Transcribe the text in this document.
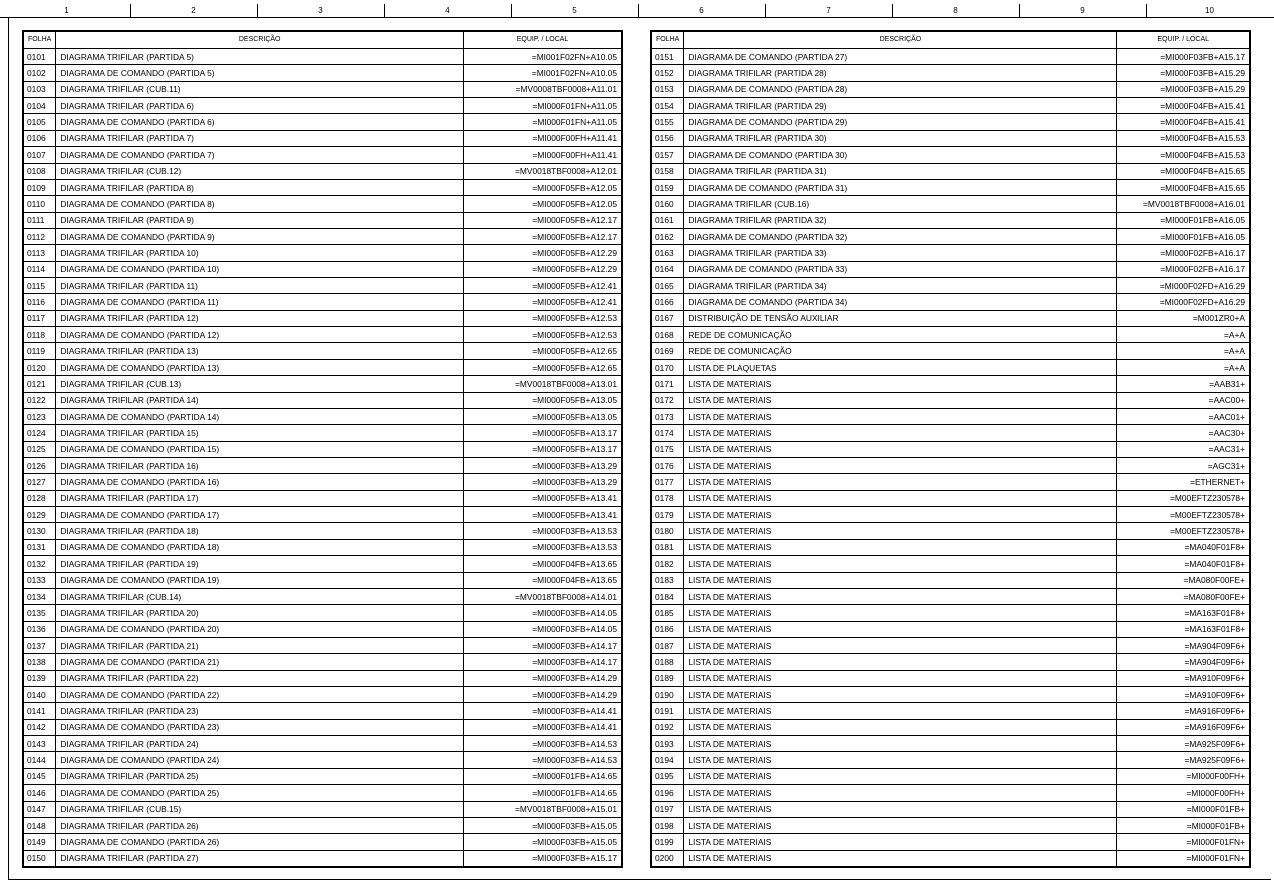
1	2	3	4	5	6	7	8	9	10
FOLHA	DESCRIÇÃO	EQUIP. / LOCAL
0101	DIAGRAMA TRIFILAR (PARTIDA 5)	=MI001F02FN+A10.05
0102	DIAGRAMA DE COMANDO (PARTIDA 5)	=MI001F02FN+A10.05
0103	DIAGRAMA TRIFILAR (CUB.11)	=MV0008TBF0008+A11.01
0104	DIAGRAMA TRIFILAR (PARTIDA 6)	=MI000F01FN+A11.05
0105	DIAGRAMA DE COMANDO (PARTIDA 6)	=MI000F01FN+A11.05
0106	DIAGRAMA TRIFILAR (PARTIDA 7)	=MI000F00FH+A11.41
0107	DIAGRAMA DE COMANDO (PARTIDA 7)	=MI000F00FH+A11.41
0108	DIAGRAMA TRIFILAR (CUB.12)	=MV0018TBF0008+A12.01
0109	DIAGRAMA TRIFILAR (PARTIDA 8)	=MI000F05FB+A12.05
0110	DIAGRAMA DE COMANDO (PARTIDA 8)	=MI000F05FB+A12.05
0111	DIAGRAMA TRIFILAR (PARTIDA 9)	=MI000F05FB+A12.17
0112	DIAGRAMA DE COMANDO (PARTIDA 9)	=MI000F05FB+A12.17
0113	DIAGRAMA TRIFILAR (PARTIDA 10)	=MI000F05FB+A12.29
0114	DIAGRAMA DE COMANDO (PARTIDA 10)	=MI000F05FB+A12.29
0115	DIAGRAMA TRIFILAR (PARTIDA 11)	=MI000F05FB+A12.41
0116	DIAGRAMA DE COMANDO (PARTIDA 11)	=MI000F05FB+A12.41
0117	DIAGRAMA TRIFILAR (PARTIDA 12)	=MI000F05FB+A12.53
0118	DIAGRAMA DE COMANDO (PARTIDA 12)	=MI000F05FB+A12.53
0119	DIAGRAMA TRIFILAR (PARTIDA 13)	=MI000F05FB+A12.65
0120	DIAGRAMA DE COMANDO (PARTIDA 13)	=MI000F05FB+A12.65
0121	DIAGRAMA TRIFILAR (CUB.13)	=MV0018TBF0008+A13.01
0122	DIAGRAMA TRIFILAR (PARTIDA 14)	=MI000F05FB+A13.05
0123	DIAGRAMA DE COMANDO (PARTIDA 14)	=MI000F05FB+A13.05
0124	DIAGRAMA TRIFILAR (PARTIDA 15)	=MI000F05FB+A13.17
0125	DIAGRAMA DE COMANDO (PARTIDA 15)	=MI000F05FB+A13.17
0126	DIAGRAMA TRIFILAR (PARTIDA 16)	=MI000F03FB+A13.29
0127	DIAGRAMA DE COMANDO (PARTIDA 16)	=MI000F03FB+A13.29
0128	DIAGRAMA TRIFILAR (PARTIDA 17)	=MI000F05FB+A13.41
0129	DIAGRAMA DE COMANDO (PARTIDA 17)	=MI000F05FB+A13.41
0130	DIAGRAMA TRIFILAR (PARTIDA 18)	=MI000F03FB+A13.53
0131	DIAGRAMA DE COMANDO (PARTIDA 18)	=MI000F03FB+A13.53
0132	DIAGRAMA TRIFILAR (PARTIDA 19)	=MI000F04FB+A13.65
0133	DIAGRAMA DE COMANDO (PARTIDA 19)	=MI000F04FB+A13.65
0134	DIAGRAMA TRIFILAR (CUB.14)	=MV0018TBF0008+A14.01
0135	DIAGRAMA TRIFILAR (PARTIDA 20)	=MI000F03FB+A14.05
0136	DIAGRAMA DE COMANDO (PARTIDA 20)	=MI000F03FB+A14.05
0137	DIAGRAMA TRIFILAR (PARTIDA 21)	=MI000F03FB+A14.17
0138	DIAGRAMA DE COMANDO (PARTIDA 21)	=MI000F03FB+A14.17
0139	DIAGRAMA TRIFILAR (PARTIDA 22)	=MI000F03FB+A14.29
0140	DIAGRAMA DE COMANDO (PARTIDA 22)	=MI000F03FB+A14.29
0141	DIAGRAMA TRIFILAR (PARTIDA 23)	=MI000F03FB+A14.41
0142	DIAGRAMA DE COMANDO (PARTIDA 23)	=MI000F03FB+A14.41
0143	DIAGRAMA TRIFILAR (PARTIDA 24)	=MI000F03FB+A14.53
0144	DIAGRAMA DE COMANDO (PARTIDA 24)	=MI000F03FB+A14.53
0145	DIAGRAMA TRIFILAR (PARTIDA 25)	=MI000F01FB+A14.65
0146	DIAGRAMA DE COMANDO (PARTIDA 25)	=MI000F01FB+A14.65
0147	DIAGRAMA TRIFILAR (CUB.15)	=MV0018TBF0008+A15.01
0148	DIAGRAMA TRIFILAR (PARTIDA 26)	=MI000F03FB+A15.05
0149	DIAGRAMA DE COMANDO (PARTIDA 26)	=MI000F03FB+A15.05
0150	DIAGRAMA TRIFILAR (PARTIDA 27)	=MI000F03FB+A15.17
FOLHA	DESCRIÇÃO	EQUIP. / LOCAL
0151	DIAGRAMA DE COMANDO (PARTIDA 27)	=MI000F03FB+A15.17
0152	DIAGRAMA TRIFILAR (PARTIDA 28)	=MI000F03FB+A15.29
0153	DIAGRAMA DE COMANDO (PARTIDA 28)	=MI000F03FB+A15.29
0154	DIAGRAMA TRIFILAR (PARTIDA 29)	=MI000F04FB+A15.41
0155	DIAGRAMA DE COMANDO (PARTIDA 29)	=MI000F04FB+A15.41
0156	DIAGRAMA TRIFILAR (PARTIDA 30)	=MI000F04FB+A15.53
0157	DIAGRAMA DE COMANDO (PARTIDA 30)	=MI000F04FB+A15.53
0158	DIAGRAMA TRIFILAR (PARTIDA 31)	=MI000F04FB+A15.65
0159	DIAGRAMA DE COMANDO (PARTIDA 31)	=MI000F04FB+A15.65
0160	DIAGRAMA TRIFILAR (CUB.16)	=MV0018TBF0008+A16.01
0161	DIAGRAMA TRIFILAR (PARTIDA 32)	=MI000F01FB+A16.05
0162	DIAGRAMA DE COMANDO (PARTIDA 32)	=MI000F01FB+A16.05
0163	DIAGRAMA TRIFILAR (PARTIDA 33)	=MI000F02FB+A16.17
0164	DIAGRAMA DE COMANDO (PARTIDA 33)	=MI000F02FB+A16.17
0165	DIAGRAMA TRIFILAR (PARTIDA 34)	=MI000F02FD+A16.29
0166	DIAGRAMA DE COMANDO (PARTIDA 34)	=MI000F02FD+A16.29
0167	DISTRIBUIÇÃO DE TENSÃO AUXILIAR	=M001ZR0+A
0168	REDE DE COMUNICAÇÃO	=A+A
0169	REDE DE COMUNICAÇÃO	=A+A
0170	LISTA DE PLAQUETAS	=A+A
0171	LISTA DE MATERIAIS	=AAB31+
0172	LISTA DE MATERIAIS	=AAC00+
0173	LISTA DE MATERIAIS	=AAC01+
0174	LISTA DE MATERIAIS	=AAC30+
0175	LISTA DE MATERIAIS	=AAC31+
0176	LISTA DE MATERIAIS	=AGC31+
0177	LISTA DE MATERIAIS	=ETHERNET+
0178	LISTA DE MATERIAIS	=M00EFTZ230578+
0179	LISTA DE MATERIAIS	=M00EFTZ230578+
0180	LISTA DE MATERIAIS	=M00EFTZ230578+
0181	LISTA DE MATERIAIS	=MA040F01F8+
0182	LISTA DE MATERIAIS	=MA040F01F8+
0183	LISTA DE MATERIAIS	=MA080F00FE+
0184	LISTA DE MATERIAIS	=MA080F00FE+
0185	LISTA DE MATERIAIS	=MA163F01F8+
0186	LISTA DE MATERIAIS	=MA163F01F8+
0187	LISTA DE MATERIAIS	=MA904F09F6+
0188	LISTA DE MATERIAIS	=MA904F09F6+
0189	LISTA DE MATERIAIS	=MA910F09F6+
0190	LISTA DE MATERIAIS	=MA910F09F6+
0191	LISTA DE MATERIAIS	=MA916F09F6+
0192	LISTA DE MATERIAIS	=MA916F09F6+
0193	LISTA DE MATERIAIS	=MA925F09F6+
0194	LISTA DE MATERIAIS	=MA925F09F6+
0195	LISTA DE MATERIAIS	=MI000F00FH+
0196	LISTA DE MATERIAIS	=MI000F00FH+
0197	LISTA DE MATERIAIS	=MI000F01FB+
0198	LISTA DE MATERIAIS	=MI000F01FB+
0199	LISTA DE MATERIAIS	=MI000F01FN+
0200	LISTA DE MATERIAIS	=MI000F01FN+
